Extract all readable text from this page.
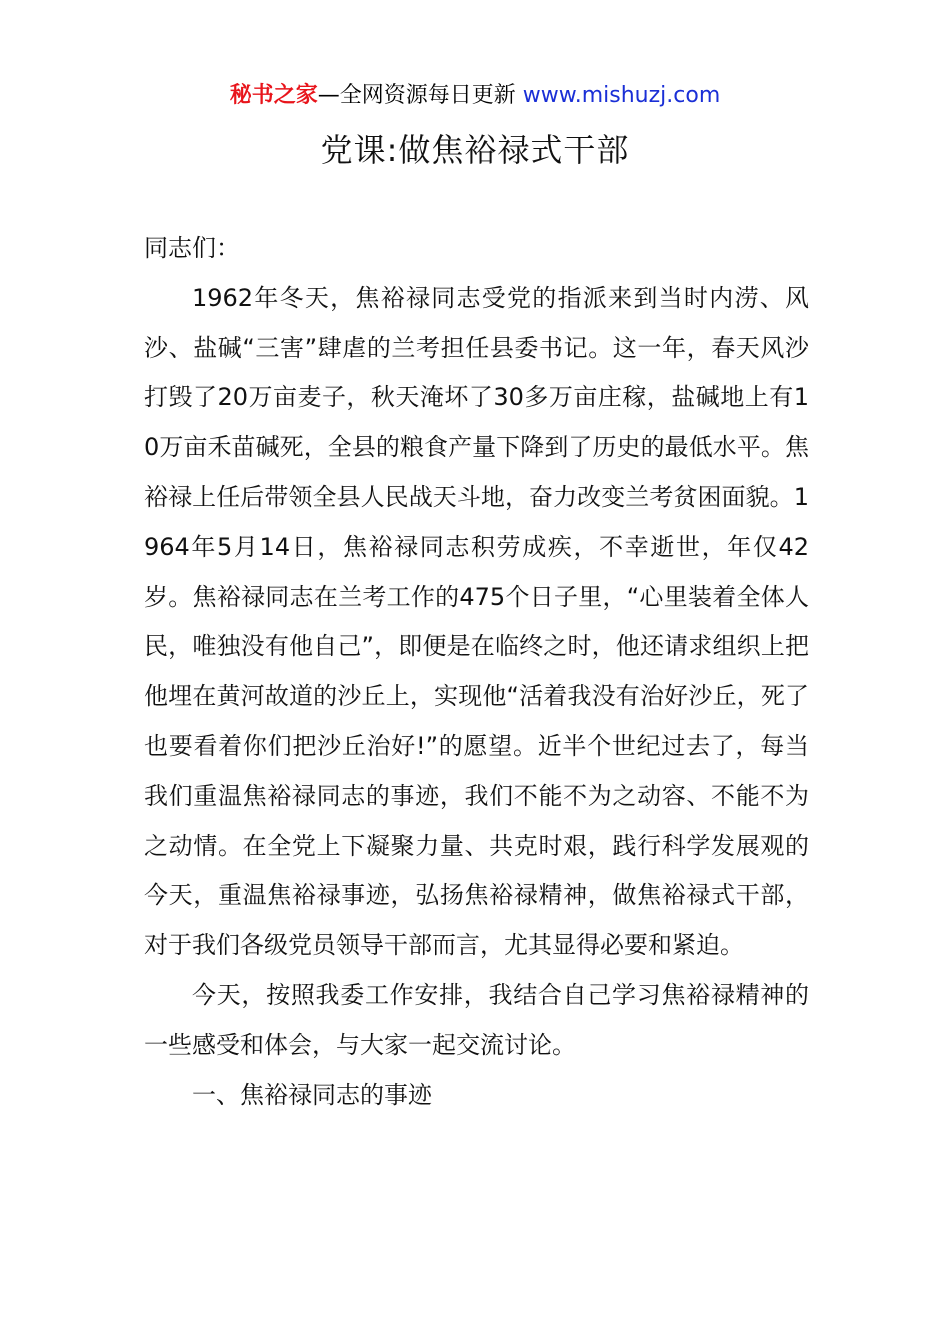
秘书之家—全网资源每日更新 www.mishuzj.com
党课:做焦裕禄式干部

同志们：

1962年冬天，焦裕禄同志受党的指派来到当时内涝、风沙、盐碱“三害”肆虐的兰考担任县委书记。这一年，春天风沙打毁了20万亩麦子，秋天淹坏了30多万亩庄稼，盐碱地上有10万亩禾苗碱死，全县的粮食产量下降到了历史的最低水平。焦裕禄上任后带领全县人民战天斗地，奋力改变兰考贫困面貌。1964年5月14日，焦裕禄同志积劳成疾，不幸逝世，年仅42岁。焦裕禄同志在兰考工作的475个日子里，“心里装着全体人民，唯独没有他自己”，即便是在临终之时，他还请求组织上把他埋在黄河故道的沙丘上，实现他“活着我没有治好沙丘，死了也要看着你们把沙丘治好!”的愿望。近半个世纪过去了，每当我们重温焦裕禄同志的事迹，我们不能不为之动容、不能不为之动情。在全党上下凝聚力量、共克时艰，践行科学发展观的今天，重温焦裕禄事迹，弘扬焦裕禄精神，做焦裕禄式干部，对于我们各级党员领导干部而言，尤其显得必要和紧迫。

今天，按照我委工作安排，我结合自己学习焦裕禄精神的一些感受和体会，与大家一起交流讨论。

一、焦裕禄同志的事迹
